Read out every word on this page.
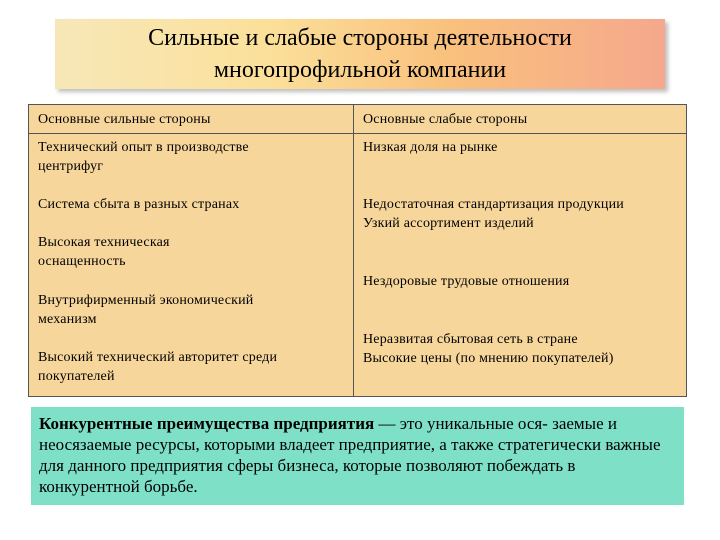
Сильные и слабые стороны деятельности
многопрофильной компании
Основные сильные стороны	Основные слабые стороны
Технический опыт в производстве
центрифуг
Система сбыта в разных странах
Высокая техническая
оснащенность
Внутрифирменный экономический
механизм
Высокий технический авторитет среди
покупателей
Низкая доля на рынке
Недостаточная стандартизация продукции
Узкий ассортимент изделий
Нездоровые трудовые отношения
Неразвитая сбытовая сеть в стране
Высокие цены (по мнению покупателей)
Конкурентные преимущества предприятия — это уникальные ося- заемые и неосязаемые ресурсы, которыми владеет предприятие, а также стратегически важные для данного предприятия сферы бизнеса, которые позволяют побеждать в конкурентной борьбе.
